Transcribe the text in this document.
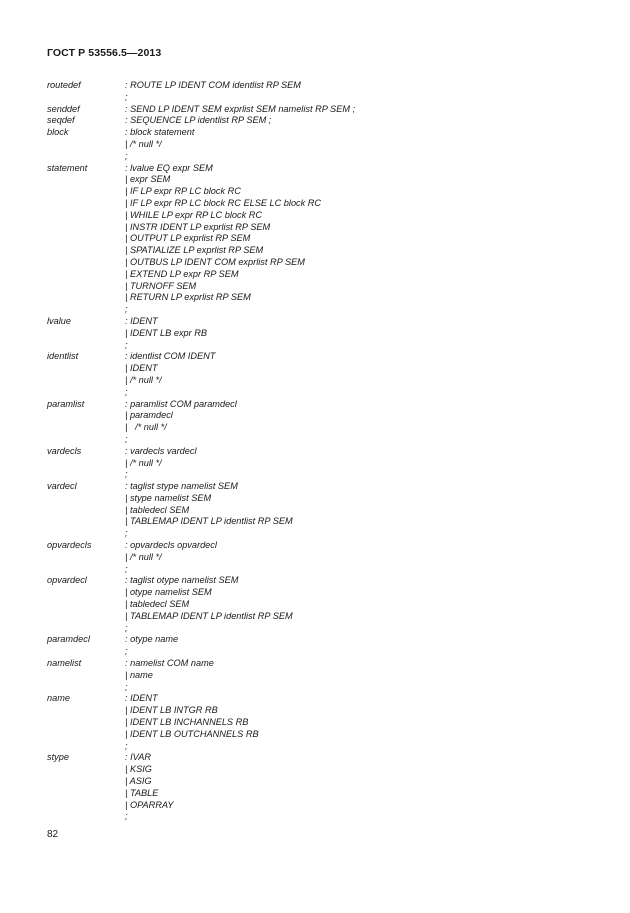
ГОСТ Р 53556.5—2013
routedef	: ROUTE LP IDENT COM identlist RP SEM
;
senddef	: SEND LP IDENT SEM exprlist SEM namelist RP SEM ;
seqdef	: SEQUENCE LP identlist RP SEM ;
block	: block statement
| /* null */
;
statement	: lvalue EQ expr SEM
| expr SEM
| IF LP expr RP LC block RC
| IF LP expr RP LC block RC ELSE LC block RC
| WHILE LP expr RP LC block RC
| INSTR IDENT LP exprlist RP SEM
| OUTPUT LP exprlist RP SEM
| SPATIALIZE LP exprlist RP SEM
| OUTBUS LP IDENT COM exprlist RP SEM
| EXTEND LP expr RP SEM
| TURNOFF SEM
| RETURN LP exprlist RP SEM
;
lvalue	: IDENT
| IDENT LB expr RB
;
identlist	: identlist COM IDENT
| IDENT
| /* null */
;
paramlist	: paramlist COM paramdecl
| paramdecl
|   /* null */
;
vardecls	: vardecls vardecl
| /* null */
;
vardecl	: taglist stype namelist SEM
| stype namelist SEM
| tabledecl SEM
| TABLEMAP IDENT LP identlist RP SEM
;
opvardecls	: opvardecls opvardecl
| /* null */
;
opvardecl	: taglist otype namelist SEM
| otype namelist SEM
| tabledecl SEM
| TABLEMAP IDENT LP identlist RP SEM
;
paramdecl	: otype name
;
namelist	: namelist COM name
| name
;
name	: IDENT
| IDENT LB INTGR RB
| IDENT LB INCHANNELS RB
| IDENT LB OUTCHANNELS RB
;
stype	: IVAR
| KSIG
| ASIG
| TABLE
| OPARRAY
;
82
